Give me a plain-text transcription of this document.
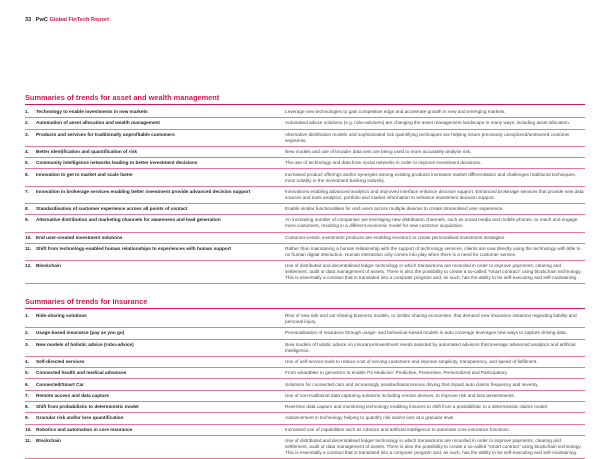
33 PwC Global FinTech Report
Summaries of trends for asset and wealth management
1.	Technology to enable investments in new markets	Leverage new technologies to gain competitive edge and accelerate growth in new and emerging markets.
2.	Automation of asset allocation and wealth management	Automated advice solutions (e.g. robo-advisers) are changing the asset management landscape in many ways, including asset allocation.
3.	Products and services for traditionally unprofitable customers	Alternative distribution models and sophisticated risk quantifying techniques are helping insure previously unexplored/uninsured customer segments.
4.	Better identification and quantification of risk	New models and use of broader data sets are being used to more accurately analyse risk.
5.	Community intelligence networks leading to better investment decisions	The use of technology and data from social networks in order to improve investment decisions.
6.	Innovation to get to market and scale faster	Increased product offerings and/or synergies among existing products increases market differentiation and challenges traditional techniques, most notably in the investment banking industry.
7.	Innovation in brokerage services enabling better investment provide advanced decision support	Innovations enabling advanced analytics and improved interface enhance decision support. Enhanced brokerage services that provide new data sources and tools analytics, portfolio and market information to enhance investment decision support.
8.	Standardisation of customer experience across all points of contact	Enable similar functionalities for end users across multiple devices to create streamlined user experience.
9.	Alternative distribution and marketing channels for awareness and lead generation	An increasing number of companies are leveraging new distribution channels, such as social media and mobile phones, to reach and engage more customers, resulting in a different economic model for new customer acquisition.
10. End user-created investment solutions	Customer-centric investment products are enabling investors to create personalised investment strategies.
11.	Shift from technology-enabled human relationships to experiences with human support	Rather than maintaining a human relationship with the support of technology services, clients are now directly using the technology with little to no human digital interaction. Human interaction only comes into play when there is a need for customer service.
12. Blockchain	Use of distributed and decentralised ledger technology in which transactions are recorded in order to improve payments, clearing and settlement, audit or data management of assets. There is also the possibility to create a so-called "smart contract" using blockchain technology. This is essentially a contract that is translated into a computer program and, as such, has the ability to be self-executing and self-maintaining.
Summaries of trends for Insurance
1.	Ride-sharing solutions	Rise of new ride and car-sharing business models, or similar sharing economies, that demand new insurance solutions regarding liability and personal injury.
2.	Usage-based insurance (pay as you go)	Personalisation of insurance through usage- and behaviour-based models in auto coverage leverages new ways to capture driving data.
3.	New models of holistic advice (robo-advice)	New models of holistic advice on insurance/investment needs assisted by automated advisors that leverage advanced analytics and artificial intelligence.
4.	Self-directed services	Use of self-service tools to reduce cost of serving customers and improve simplicity, transparency, and speed of fulfilment.
5.	Connected health and medical advances	From wearables to genomics to enable P4 Medicine: Predictive, Preventive, Personalized and Participatory.
6.	Connected/Smart Car	Solutions for connected cars and increasingly assisted/autonomous driving that impact auto claims frequency and severity.
7.	Remote access and data capture	Use of non-traditional data capturing solutions including remote devices, to improve risk and loss assessments.
8.	Shift from probabilistic to deterministic model	Real-time data capture and monitoring technology enabling insurers to shift from a probabilistic to a deterministic claims model.
9.	Granular risk and/or loss quantification	Advancement in technology helping to quantify risk and/or loss at a granular level.
10. Robotics and automation in core insurance	Increased use of capabilities such as robotics and artificial intelligence to automate core insurance functions.
11.	Blockchain	Use of distributed and decentralised ledger technology in which transactions are recorded in order to improve payments, clearing and settlement, audit or data management of assets. There is also the possibility to create a so-called "smart contract" using blockchain technology. This is essentially a contract that is translated into a computer program and, as such, has the ability to be self-executing and self-maintaining.
